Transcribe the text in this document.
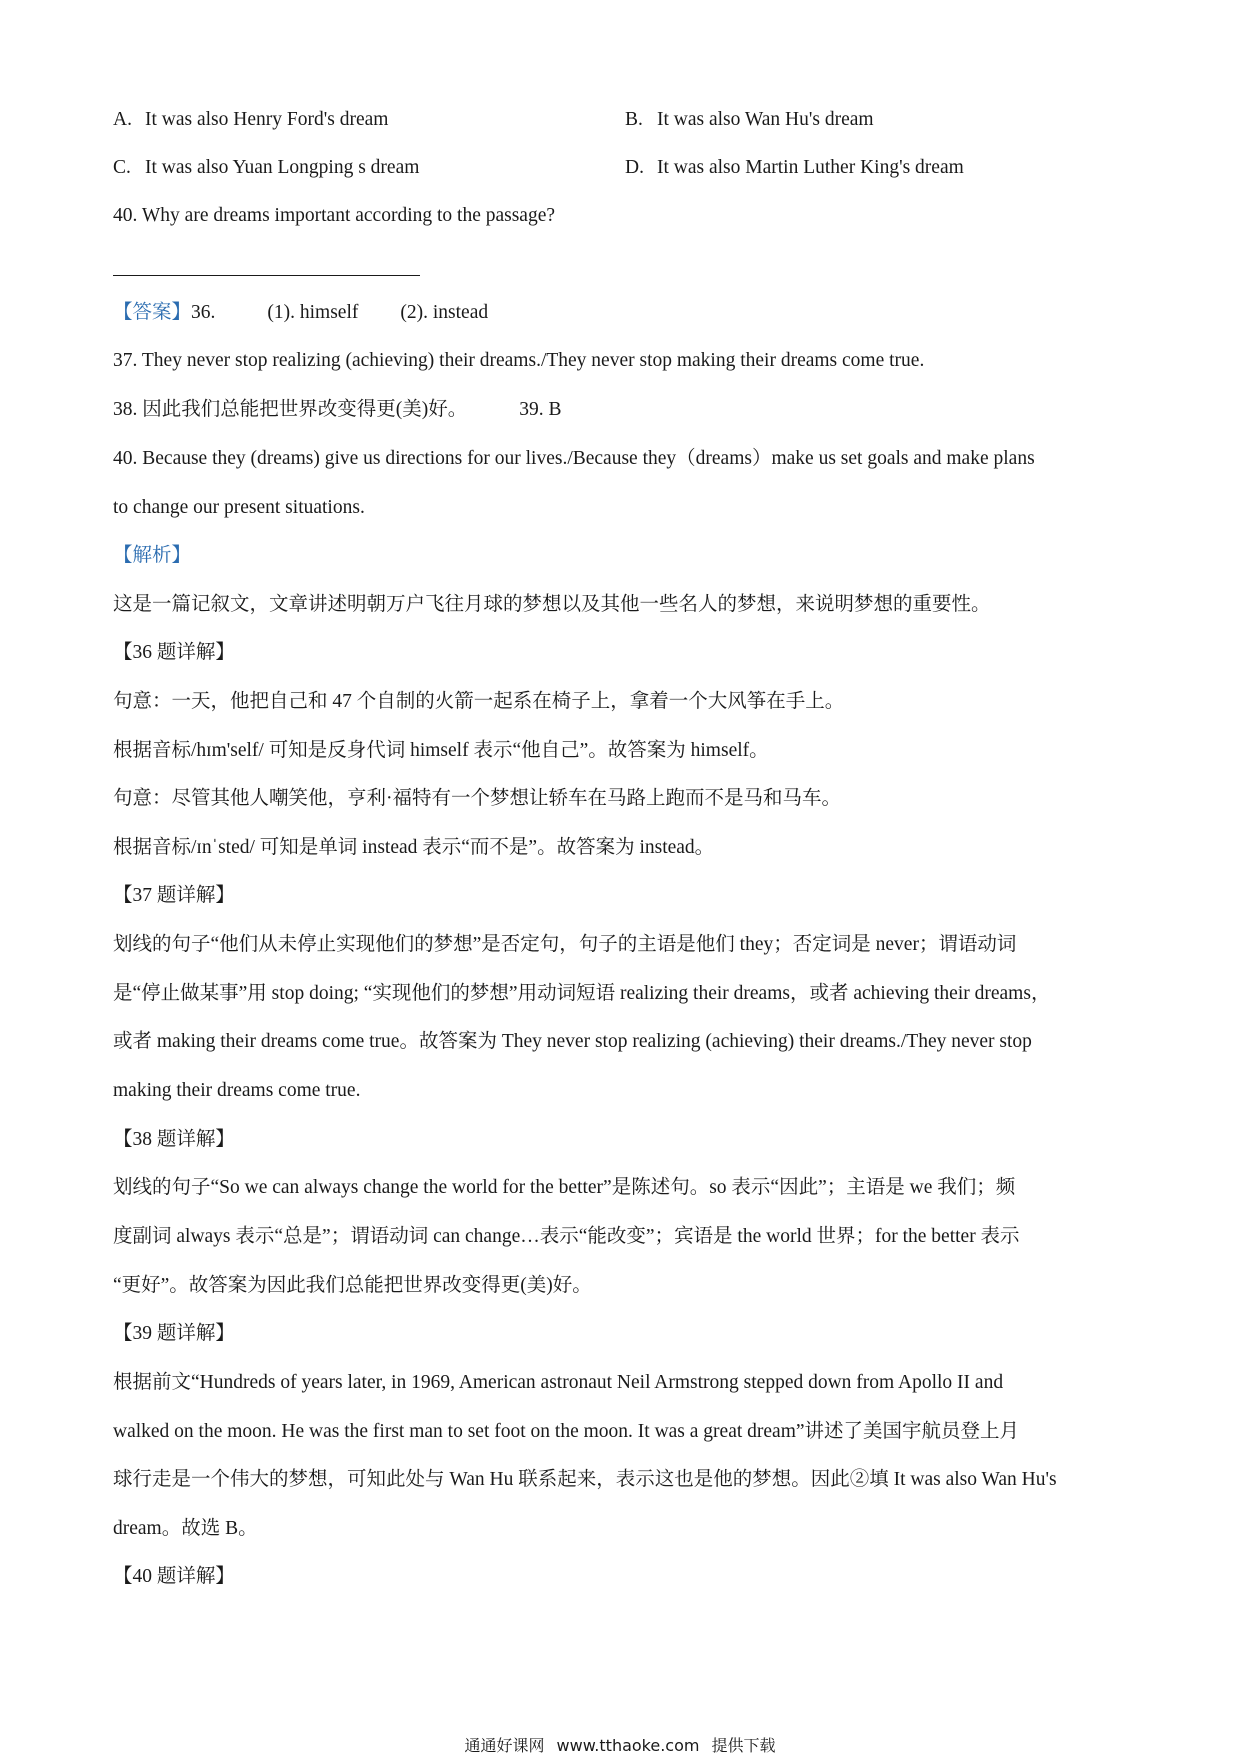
A. It was also Henry Ford's dream	B. It was also Wan Hu's dream
C. It was also Yuan Longping s dream	D. It was also Martin Luther King's dream
40. Why are dreams important according to the passage?
【答案】36.	(1). himself (2). instead
37. They never stop realizing (achieving) their dreams./They never stop making their dreams come true.
38. 因此我们总能把世界改变得更(美)好。	39. B
40. Because they (dreams) give us directions for our lives./Because they（dreams）make us set goals and make plans
to change our present situations.
【解析】
这是一篇记叙文，文章讲述明朝万户飞往月球的梦想以及其他一些名人的梦想，来说明梦想的重要性。
【36 题详解】
句意：一天，他把自己和 47 个自制的火箭一起系在椅子上，拿着一个大风筝在手上。
根据音标/hɪm'self/ 可知是反身代词 himself 表示“他自己”。故答案为 himself。
句意：尽管其他人嘲笑他，亨利·福特有一个梦想让轿车在马路上跑而不是马和马车。
根据音标/ɪnˈsted/ 可知是单词 instead 表示“而不是”。故答案为 instead。
【37 题详解】
划线的句子“他们从未停止实现他们的梦想”是否定句，句子的主语是他们 they；否定词是 never；谓语动词
是“停止做某事”用 stop doing; “实现他们的梦想”用动词短语 realizing their dreams，或者 achieving their dreams，
或者 making their dreams come true。故答案为 They never stop realizing (achieving) their dreams./They never stop
making their dreams come true.
【38 题详解】
划线的句子“So we can always change the world for the better”是陈述句。so 表示“因此”；主语是 we 我们；频
度副词 always 表示“总是”；谓语动词 can change…表示“能改变”；宾语是 the world 世界；for the better 表示
“更好”。故答案为因此我们总能把世界改变得更(美)好。
【39 题详解】
根据前文“Hundreds of years later, in 1969, American astronaut Neil Armstrong stepped down from Apollo II and
walked on the moon. He was the first man to set foot on the moon. It was a great dream”讲述了美国宇航员登上月
球行走是一个伟大的梦想，可知此处与 Wan Hu 联系起来，表示这也是他的梦想。因此②填 It was also Wan Hu's
dream。故选 B。
【40 题详解】
通通好课网 www.tthaoke.com 提供下载
